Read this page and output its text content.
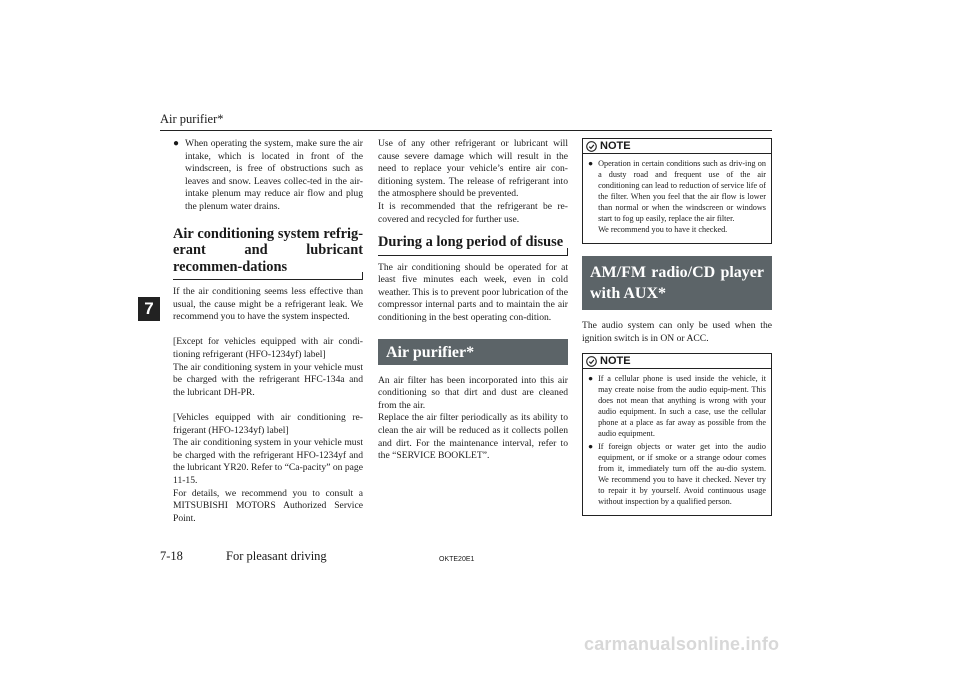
Air purifier*
7
● When operating the system, make sure the air intake, which is located in front of the windscreen, is free of obstructions such as leaves and snow. Leaves collec-ted in the air-intake plenum may reduce air flow and plug the plenum water drains.
Air conditioning system refrig-erant and lubricant recommen-dations

If the air conditioning seems less effective than usual, the cause might be a refrigerant leak. We recommend you to have the system inspected.

[Except for vehicles equipped with air condi-tioning refrigerant (HFO-1234yf) label]

The air conditioning system in your vehicle must be charged with the refrigerant HFC-134a and the lubricant DH-PR.

[Vehicles equipped with air conditioning re-frigerant (HFO-1234yf) label]

The air conditioning system in your vehicle must be charged with the refrigerant HFO-1234yf and the lubricant YR20. Refer to “Ca-pacity” on page 11-15.

For details, we recommend you to consult a MITSUBISHI MOTORS Authorized Service Point.

Use of any other refrigerant or lubricant will cause severe damage which will result in the need to replace your vehicle’s entire air con-ditioning system. The release of refrigerant into the atmosphere should be prevented.

It is recommended that the refrigerant be re-covered and recycled for further use.

During a long period of disuse

The air conditioning should be operated for at least five minutes each week, even in cold weather. This is to prevent poor lubrication of the compressor internal parts and to maintain the air conditioning in the best operating con-dition.

Air purifier*

An air filter has been incorporated into this air conditioning so that dirt and dust are cleaned from the air.

Replace the air filter periodically as its ability to clean the air will be reduced as it collects pollen and dirt. For the maintenance interval, refer to the “SERVICE BOOKLET”.

NOTE
● Operation in certain conditions such as driv-ing on a dusty road and frequent use of the air conditioning can lead to reduction of service life of the filter. When you feel that the air flow is lower than normal or when the windscreen or windows start to fog up easily, replace the air filter.
We recommend you to have it checked.
AM/FM radio/CD player with AUX*

The audio system can only be used when the ignition switch is in ON or ACC.

NOTE
● If a cellular phone is used inside the vehicle, it may create noise from the audio equip-ment. This does not mean that anything is wrong with your audio equipment. In such a case, use the cellular phone at a place as far away as possible from the audio equipment.
● If foreign objects or water get into the audio equipment, or if smoke or a strange odour comes from it, immediately turn off the au-dio system. We recommend you to have it checked. Never try to repair it by yourself. Avoid continuous usage without inspection by a qualified person.
7-18	For pleasant driving	OKTE20E1
carmanualsonline.info
